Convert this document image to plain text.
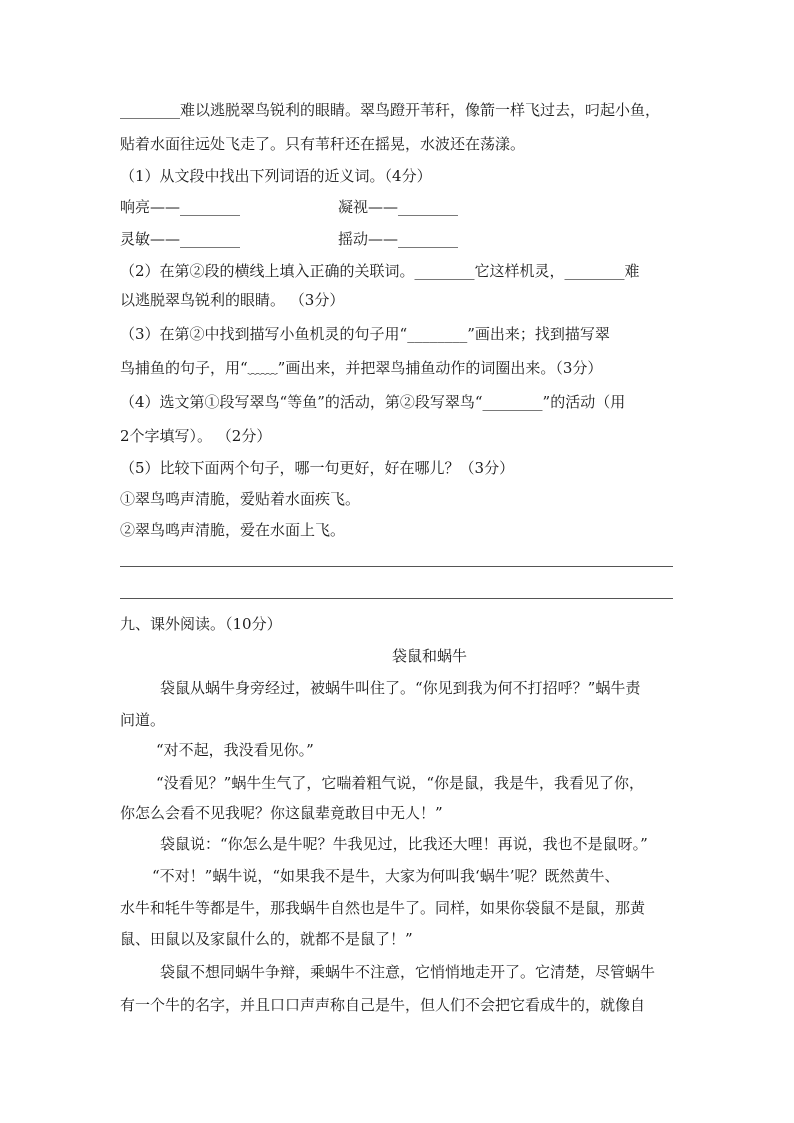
________难以逃脱翠鸟锐利的眼睛。翠鸟蹬开苇秆，像箭一样飞过去，叼起小鱼，
贴着水面往远处飞走了。只有苇秆还在摇晃，水波还在荡漾。
（1）从文段中找出下列词语的近义词。（4分）
响亮——________	凝视——________
灵敏——________	摇动——________
（2）在第②段的横线上填入正确的关联词。________它这样机灵，________难
以逃脱翠鸟锐利的眼睛。 （3分）
（3）在第②中找到描写小鱼机灵的句子用“________”画出来；找到描写翠
鸟捕鱼的句子，用“﹏﹏”画出来，并把翠鸟捕鱼动作的词圈出来。（3分）
（4）选文第①段写翠鸟“等鱼”的活动，第②段写翠鸟“________”的活动（用
2个字填写）。 （2分）
（5）比较下面两个句子，哪一句更好，好在哪儿？（3分）
①翠鸟鸣声清脆，爱贴着水面疾飞。
②翠鸟鸣声清脆，爱在水面上飞。
九、课外阅读。（10分）
袋鼠和蜗牛
袋鼠从蜗牛身旁经过，被蜗牛叫住了。“你见到我为何不打招呼？”蜗牛责
问道。
“对不起，我没看见你。”
“没看见？”蜗牛生气了，它喘着粗气说，“你是鼠，我是牛，我看见了你，
你怎么会看不见我呢？你这鼠辈竟敢目中无人！”
袋鼠说：“你怎么是牛呢？牛我见过，比我还大哩！再说，我也不是鼠呀。”
“不对！”蜗牛说，“如果我不是牛，大家为何叫我‘蜗牛’呢？既然黄牛、
水牛和牦牛等都是牛，那我蜗牛自然也是牛了。同样，如果你袋鼠不是鼠，那黄
鼠、田鼠以及家鼠什么的，就都不是鼠了！”
袋鼠不想同蜗牛争辩，乘蜗牛不注意，它悄悄地走开了。它清楚，尽管蜗牛
有一个牛的名字，并且口口声声称自己是牛，但人们不会把它看成牛的，就像自
